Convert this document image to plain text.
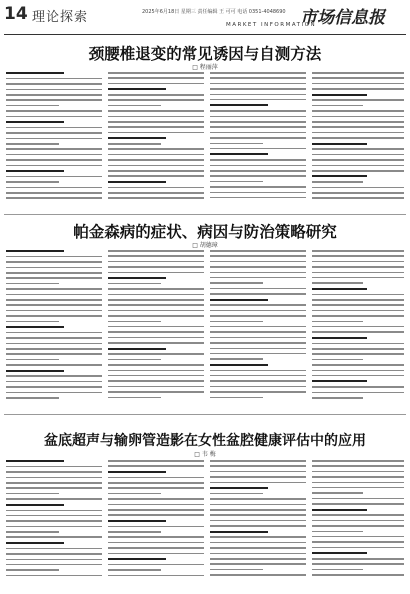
14 理论探索	2025年6月18日 星期三 责任编辑 王 可可 电话 0351-4048690 市场信息报
MARKET INFORMATION
颈腰椎退变的常见诱因与自测方法
□ 程丽萍
帕金森病的症状、病因与防治策略研究
□ 胡德璋
盆底超声与输卵管造影在女性盆腔健康评估中的应用
□ 韦 梅
